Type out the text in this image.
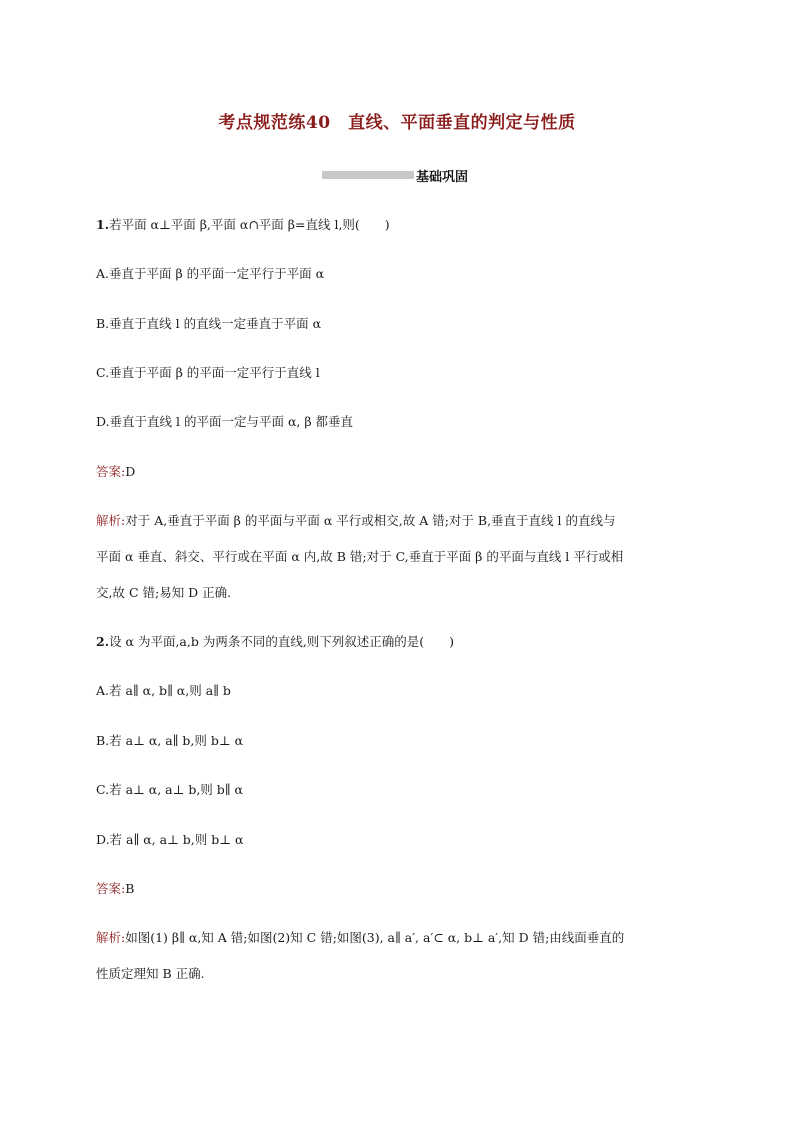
考点规范练40　直线、平面垂直的判定与性质
基础巩固
1.若平面 α⊥平面 β,平面 α∩平面 β=直线 l,则(　　)
A.垂直于平面 β 的平面一定平行于平面 α
B.垂直于直线 l 的直线一定垂直于平面 α
C.垂直于平面 β 的平面一定平行于直线 l
D.垂直于直线 l 的平面一定与平面 α, β 都垂直
答案:D
解析:对于 A,垂直于平面 β 的平面与平面 α 平行或相交,故 A 错;对于 B,垂直于直线 l 的直线与
平面 α 垂直、斜交、平行或在平面 α 内,故 B 错;对于 C,垂直于平面 β 的平面与直线 l 平行或相
交,故 C 错;易知 D 正确.
2.设 α 为平面,a,b 为两条不同的直线,则下列叙述正确的是(　　)
A.若 a∥ α, b∥ α,则 a∥ b
B.若 a⊥ α, a∥ b,则 b⊥ α
C.若 a⊥ α, a⊥ b,则 b∥ α
D.若 a∥ α, a⊥ b,则 b⊥ α
答案:B
解析:如图(1) β∥ α,知 A 错;如图(2)知 C 错;如图(3), a∥ a′, a′⊂ α, b⊥ a′,知 D 错;由线面垂直的
性质定理知 B 正确.
